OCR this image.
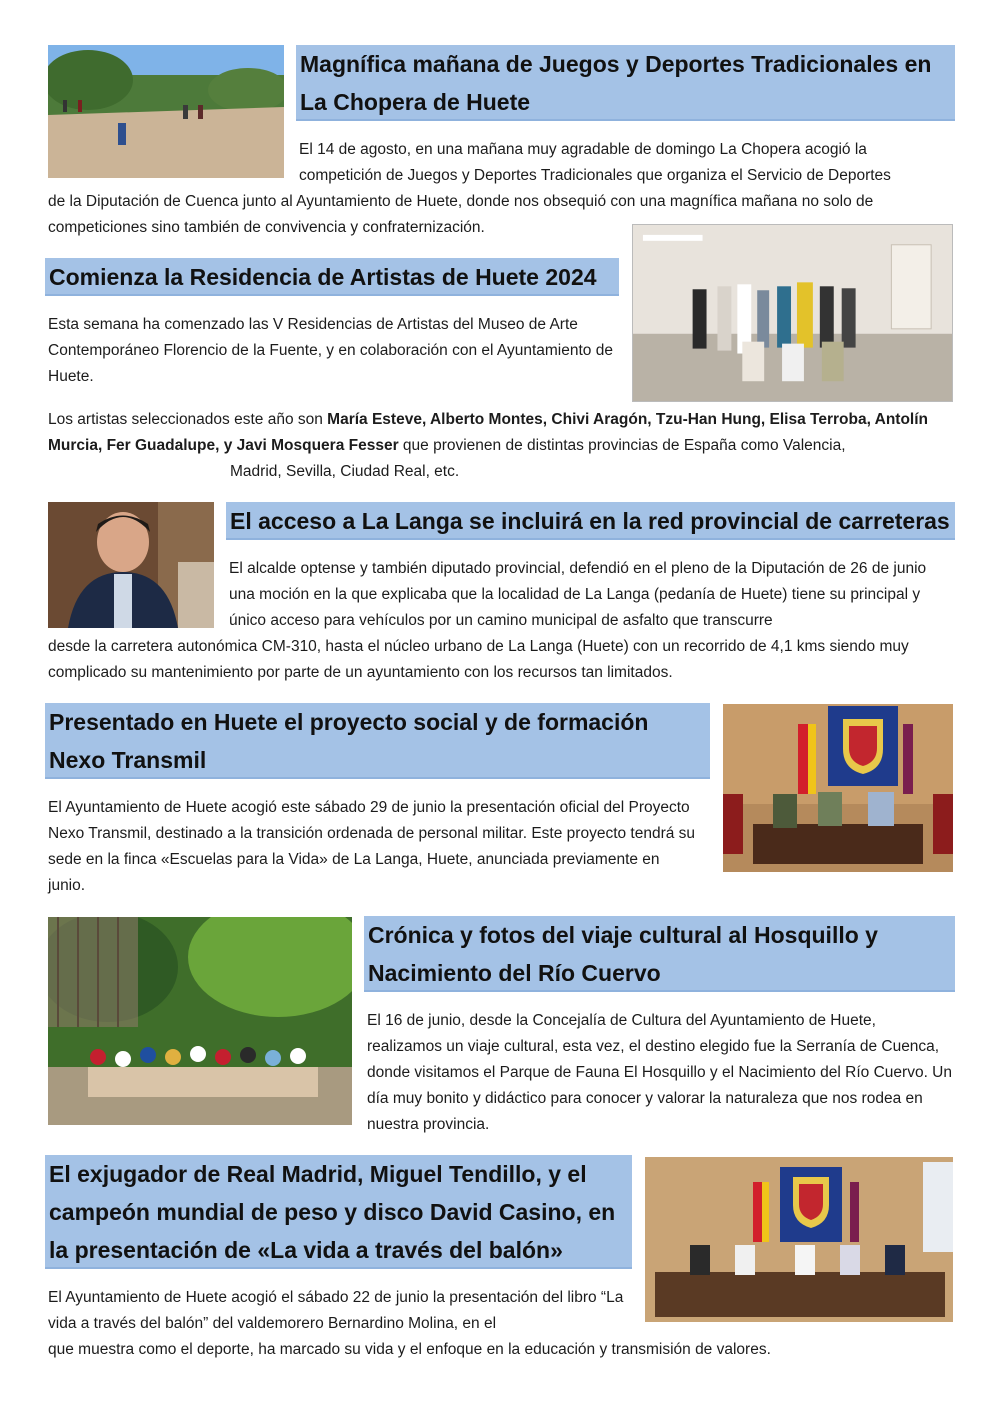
Magnífica mañana de Juegos y Deportes Tradicionales en La Chopera de Huete
El 14 de agosto, en una mañana muy agradable de domingo La Chopera acogió la competición de Juegos y Deportes Tradicionales que organiza el Servicio de Deportes
de la Diputación de Cuenca junto al Ayuntamiento de Huete, donde nos obsequió con una magnífica mañana no solo de competiciones sino también de convivencia y confraternización.
Comienza la Residencia de Artistas de Huete 2024
Esta semana ha comenzado las V Residencias de Artistas del Museo de Arte Contemporáneo Florencio de la Fuente, y en colaboración con el Ayuntamiento de Huete.
Los artistas seleccionados este año son María Esteve, Alberto Montes, Chivi Aragón, Tzu-Han Hung, Elisa Terroba, Antolín Murcia, Fer Guadalupe, y Javi Mosquera Fesser que provienen de distintas provincias de España como Valencia,
Madrid, Sevilla, Ciudad Real, etc.
El acceso a La Langa se incluirá en la red provincial de carreteras
El alcalde optense y también diputado provincial, defendió en el pleno de la Diputación de 26 de junio una moción en la que explicaba que la localidad de La Langa (pedanía de Huete) tiene su principal y único acceso para vehículos por un camino municipal de asfalto que transcurre
desde la carretera autonómica CM-310, hasta el núcleo urbano de La Langa (Huete) con un recorrido de 4,1 kms siendo muy complicado su mantenimiento por parte de un ayuntamiento con los recursos tan limitados.
Presentado en Huete el proyecto social y de formación Nexo Transmil
El Ayuntamiento de Huete acogió este sábado 29 de junio la presentación oficial del Proyecto Nexo Transmil, destinado a la transición ordenada de personal militar. Este proyecto tendrá su sede en la finca «Escuelas para la Vida» de La Langa, Huete, anunciada previamente en junio.
Crónica y fotos del viaje cultural al Hosquillo y Nacimiento del Río Cuervo
El 16 de junio, desde la Concejalía de Cultura del Ayuntamiento de Huete, realizamos un viaje cultural, esta vez, el destino elegido fue la Serranía de Cuenca, donde visitamos el Parque de Fauna El Hosquillo y el Nacimiento del Río Cuervo. Un día muy bonito y didáctico para conocer y valorar la naturaleza que nos rodea en nuestra provincia.
El exjugador de Real Madrid, Miguel Tendillo, y el campeón mundial de peso y disco David Casino, en la presentación de «La vida a través del balón»
El Ayuntamiento de Huete acogió el sábado 22 de junio la presentación del libro “La vida a través del balón” del valdemorero Bernardino Molina, en el
que muestra como el deporte, ha marcado su vida y el enfoque en la educación y transmisión de valores.
